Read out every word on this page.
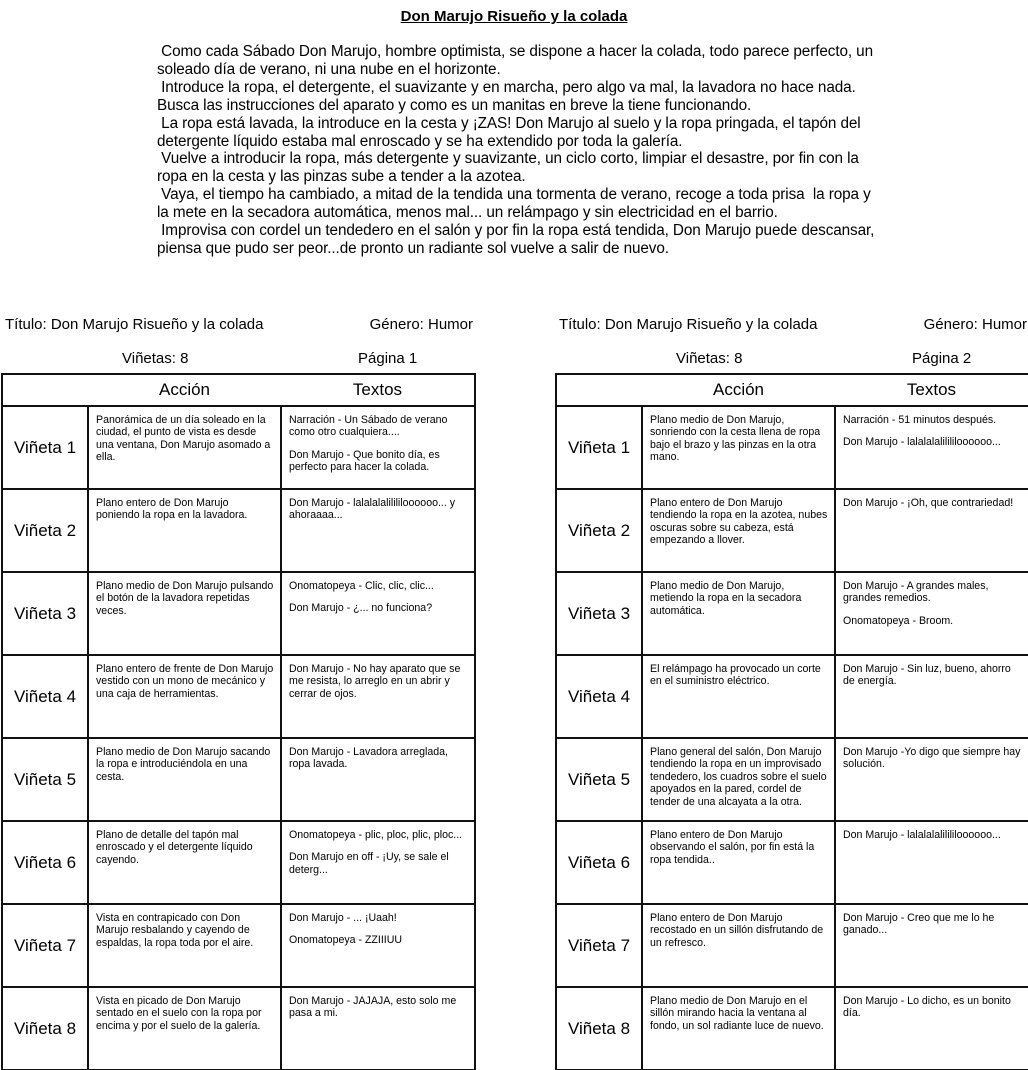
Don Marujo Risueño y la colada

Como cada Sábado Don Marujo, hombre optimista, se dispone a hacer la colada, todo parece perfecto, un soleado día de verano, ni una nube en el horizonte.

Introduce la ropa, el detergente, el suavizante y en marcha, pero algo va mal, la lavadora no hace nada. Busca las instrucciones del aparato y como es un manitas en breve la tiene funcionando.

La ropa está lavada, la introduce en la cesta y ¡ZAS! Don Marujo al suelo y la ropa pringada, el tapón del detergente líquido estaba mal enroscado y se ha extendido por toda la galería.

Vuelve a introducir la ropa, más detergente y suavizante, un ciclo corto, limpiar el desastre, por fin con la ropa en la cesta y las pinzas sube a tender a la azotea.

Vaya, el tiempo ha cambiado, a mitad de la tendida una tormenta de verano, recoge a toda prisa  la ropa y la mete en la secadora automática, menos mal... un relámpago y sin electricidad en el barrio.

Improvisa con cordel un tendedero en el salón y por fin la ropa está tendida, Don Marujo puede descansar, piensa que pudo ser peor...de pronto un radiante sol vuelve a salir de nuevo.

Título: Don Marujo Risueño y la colada	Género: Humor
Viñetas: 8	Página 1
	Acción	Textos
Viñeta 1	Panorámica de un día soleado en la ciudad, el punto de vista es desde una ventana, Don Marujo asomado a ella.	Narración - Un Sábado de verano como otro cualquiera....

Don Marujo - Que bonito día, es perfecto para hacer la colada.

Viñeta 2	Plano entero de Don Marujo poniendo la ropa en la lavadora.	Don Marujo - lalalalalilililoooooo... y ahoraaaa...

Viñeta 3	Plano medio de Don Marujo pulsando el botón de la lavadora repetidas veces.	Onomatopeya - Clic, clic, clic...

Don Marujo - ¿... no funciona?

Viñeta 4	Plano entero de frente de Don Marujo vestido con un mono de mecánico y una caja de herramientas.	Don Marujo - No hay aparato que se me resista, lo arreglo en un abrir y cerrar de ojos.

Viñeta 5	Plano medio de Don Marujo sacando la ropa e introduciéndola en una cesta.	Don Marujo - Lavadora arreglada, ropa lavada.

Viñeta 6	Plano de detalle del tapón mal enroscado y el detergente líquido cayendo.	Onomatopeya - plic, ploc, plic, ploc...

Don Marujo en off - ¡Uy, se sale el deterg...

Viñeta 7	Vista en contrapicado con Don Marujo resbalando y cayendo de espaldas, la ropa toda por el aire.	Don Marujo - ... ¡Uaah!

Onomatopeya - ZZIIIUU

Viñeta 8	Vista en picado de Don Marujo sentado en el suelo con la ropa por encima y por el suelo de la galería.	Don Marujo - JAJAJA, esto solo me pasa a mi.

Título: Don Marujo Risueño y la colada	Género: Humor
Viñetas: 8	Página 2
	Acción	Textos
Viñeta 1	Plano medio de Don Marujo, sonriendo con la cesta llena de ropa bajo el brazo y las pinzas en la otra mano.	Narración - 51 minutos después.

Don Marujo - lalalalalilililoooooo...

Viñeta 2	Plano entero de Don Marujo tendiendo la ropa en la azotea, nubes oscuras sobre su cabeza, está empezando a llover.	Don Marujo - ¡Oh, que contrariedad!

Viñeta 3	Plano medio de Don Marujo, metiendo la ropa en la secadora automática.	Don Marujo - A grandes males, grandes remedios.

Onomatopeya - Broom.

Viñeta 4	El relámpago ha provocado un corte en el suministro eléctrico.	Don Marujo - Sin luz, bueno, ahorro de energía.

Viñeta 5	Plano general del salón, Don Marujo tendiendo la ropa en un improvisado tendedero, los cuadros sobre el suelo apoyados en la pared, cordel de tender de una alcayata a la otra.	Don Marujo -Yo digo que siempre hay solución.

Viñeta 6	Plano entero de Don Marujo observando el salón, por fin está la ropa tendida..	Don Marujo - lalalalalilililoooooo...

Viñeta 7	Plano entero de Don Marujo recostado en un sillón disfrutando de un refresco.	Don Marujo - Creo que me lo he ganado...

Viñeta 8	Plano medio de Don Marujo en el sillón mirando hacia la ventana al fondo, un sol radiante luce de nuevo.	Don Marujo - Lo dicho, es un bonito día.
